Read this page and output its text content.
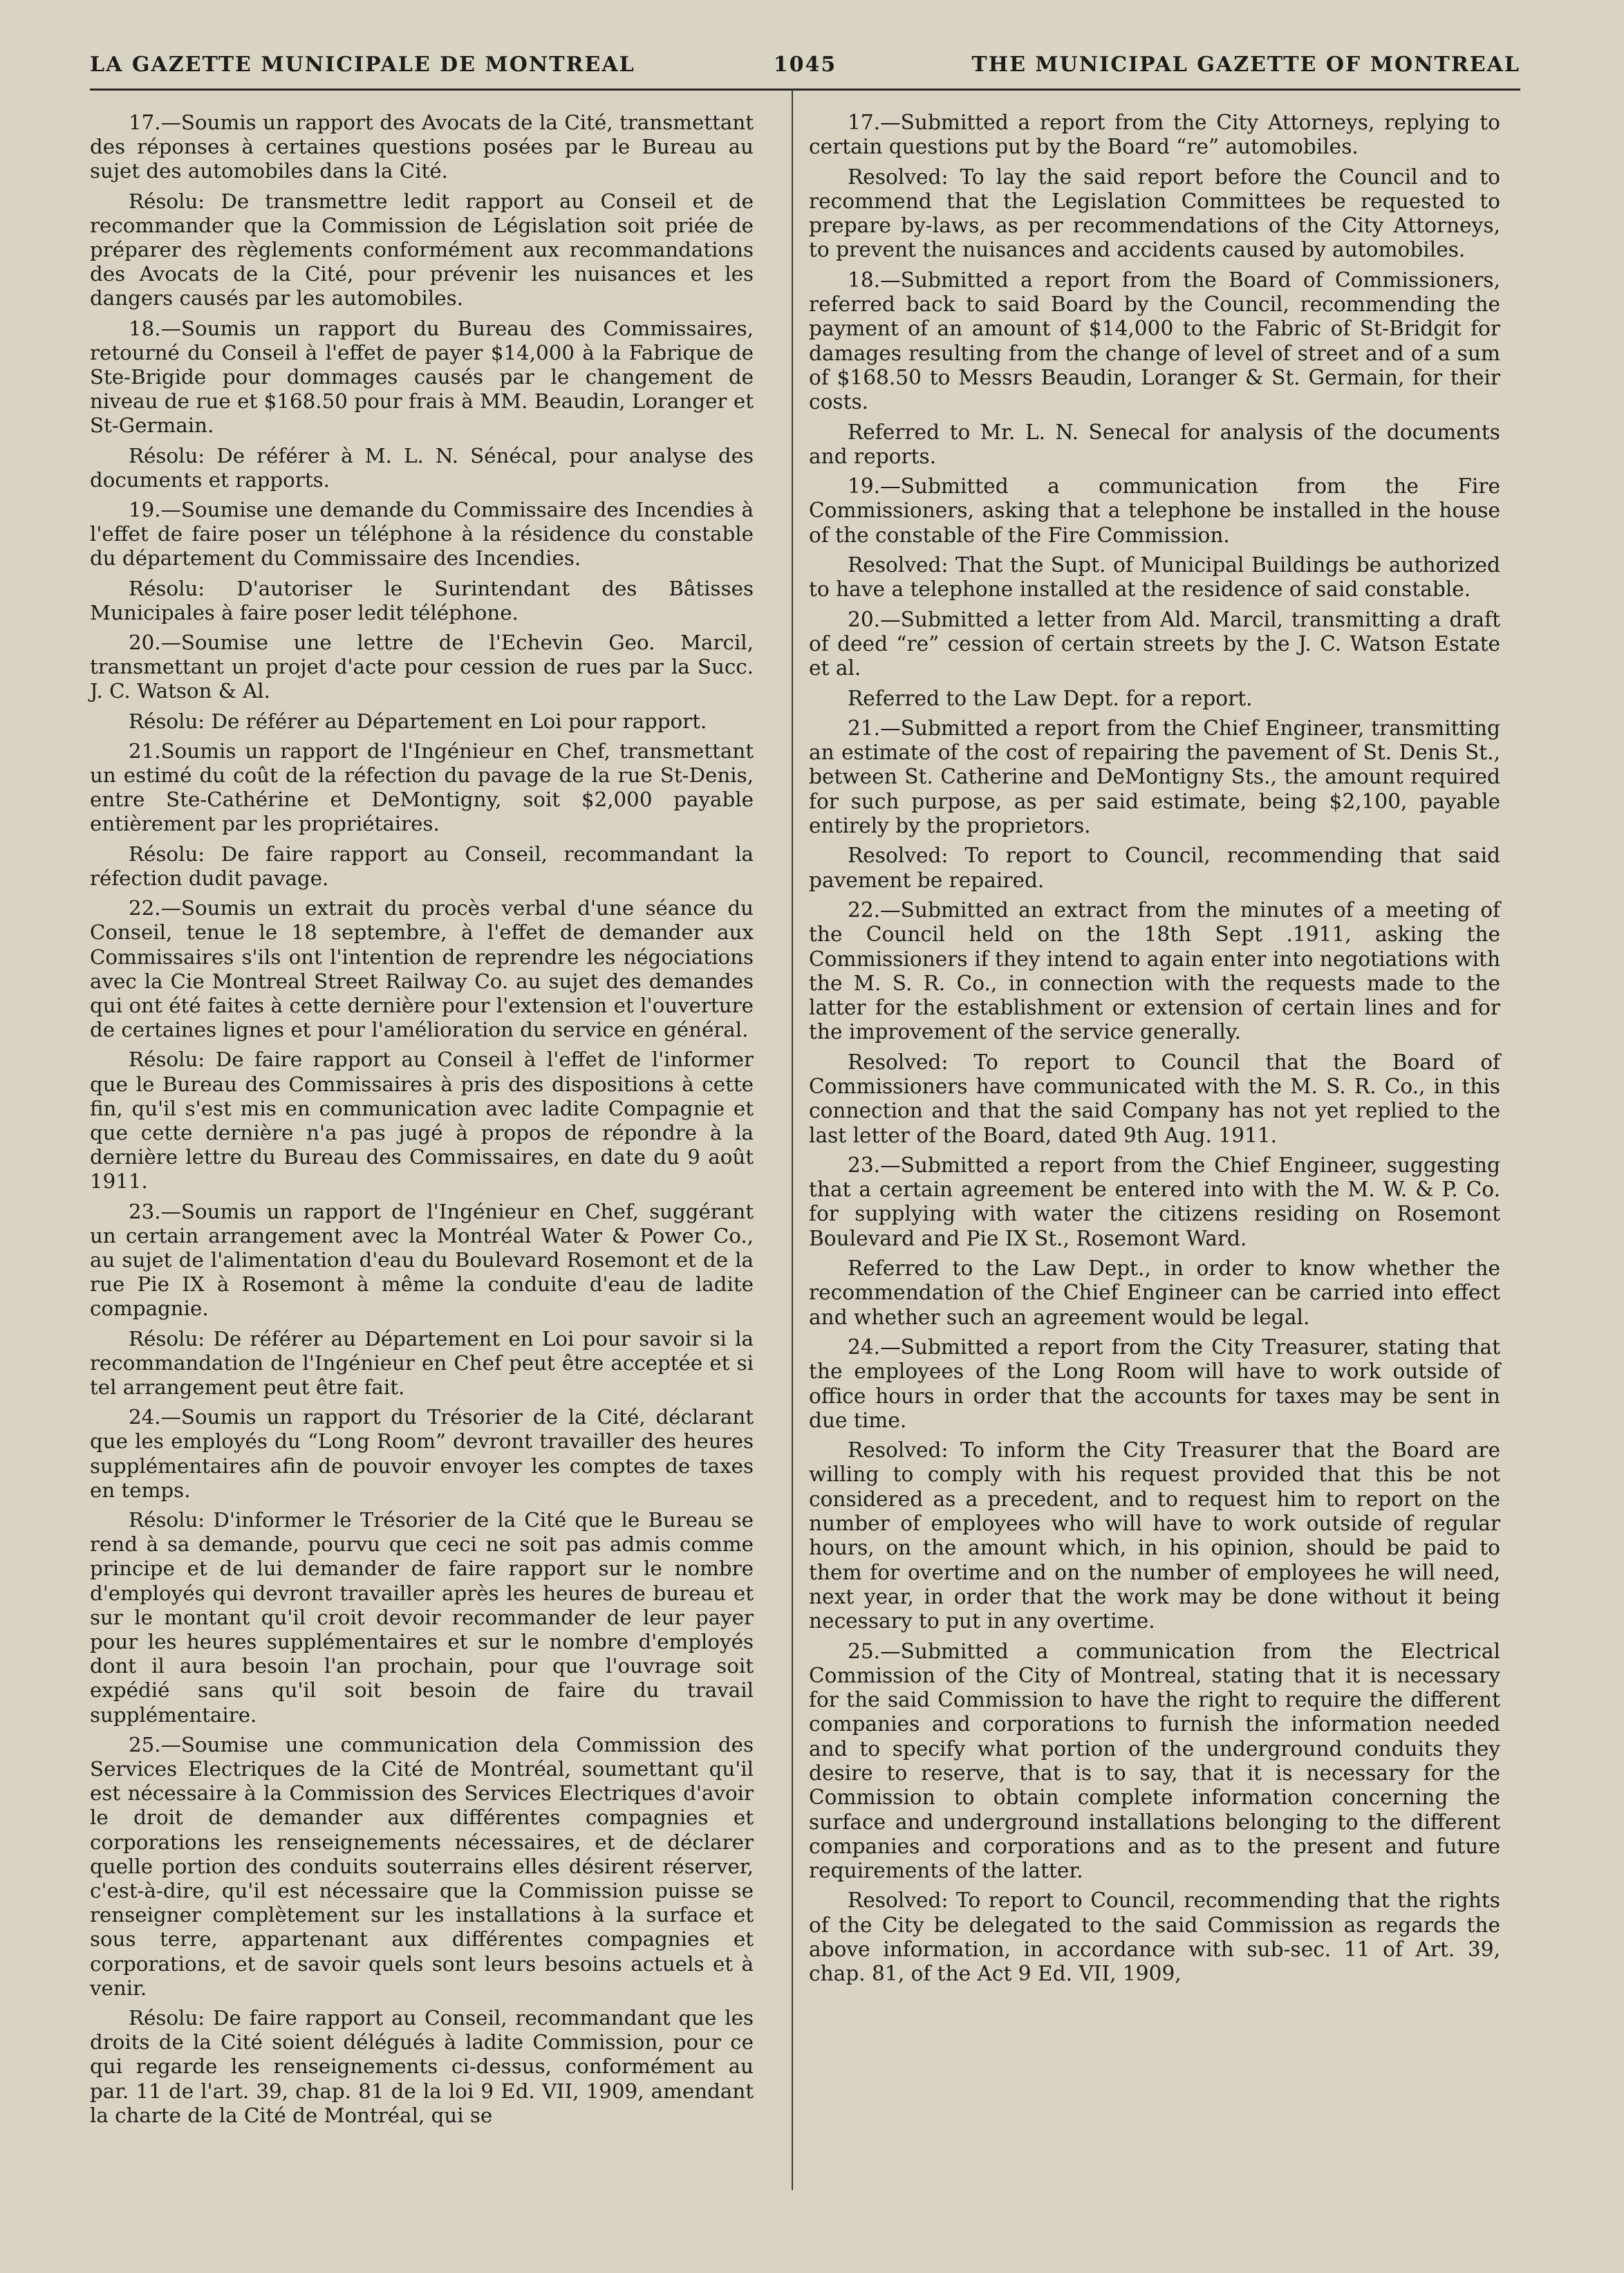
LA GAZETTE MUNICIPALE DE MONTREAL	1045	THE MUNICIPAL GAZETTE OF MONTREAL

17.—Soumis un rapport des Avocats de la Cité, transmettant des réponses à certaines questions posées par le Bureau au sujet des automobiles dans la Cité.

Résolu: De transmettre ledit rapport au Conseil et de recommander que la Commission de Législation soit priée de préparer des règlements conformément aux recommandations des Avocats de la Cité, pour prévenir les nuisances et les dangers causés par les automobiles.

18.—Soumis un rapport du Bureau des Commissaires, retourné du Conseil à l'effet de payer $14,000 à la Fabrique de Ste-Brigide pour dommages causés par le changement de niveau de rue et $168.50 pour frais à MM. Beaudin, Loranger et St-Germain.

Résolu: De référer à M. L. N. Sénécal, pour analyse des documents et rapports.

19.—Soumise une demande du Commissaire des Incendies à l'effet de faire poser un téléphone à la résidence du constable du département du Commissaire des Incendies.

Résolu: D'autoriser le Surintendant des Bâtisses Municipales à faire poser ledit téléphone.

20.—Soumise une lettre de l'Echevin Geo. Marcil, transmettant un projet d'acte pour cession de rues par la Succ. J. C. Watson & Al.

Résolu: De référer au Département en Loi pour rapport.

21.Soumis un rapport de l'Ingénieur en Chef, transmettant un estimé du coût de la réfection du pavage de la rue St-Denis, entre Ste-Cathérine et DeMontigny, soit $2,000 payable entièrement par les propriétaires.

Résolu: De faire rapport au Conseil, recommandant la réfection dudit pavage.

22.—Soumis un extrait du procès verbal d'une séance du Conseil, tenue le 18 septembre, à l'effet de demander aux Commissaires s'ils ont l'intention de reprendre les négociations avec la Cie Montreal Street Railway Co. au sujet des demandes qui ont été faites à cette dernière pour l'extension et l'ouverture de certaines lignes et pour l'amélioration du service en général.

Résolu: De faire rapport au Conseil à l'effet de l'informer que le Bureau des Commissaires à pris des dispositions à cette fin, qu'il s'est mis en communication avec ladite Compagnie et que cette dernière n'a pas jugé à propos de répondre à la dernière lettre du Bureau des Commissaires, en date du 9 août 1911.

23.—Soumis un rapport de l'Ingénieur en Chef, suggérant un certain arrangement avec la Montréal Water & Power Co., au sujet de l'alimentation d'eau du Boulevard Rosemont et de la rue Pie IX à Rosemont à même la conduite d'eau de ladite compagnie.

Résolu: De référer au Département en Loi pour savoir si la recommandation de l'Ingénieur en Chef peut être acceptée et si tel arrangement peut être fait.

24.—Soumis un rapport du Trésorier de la Cité, déclarant que les employés du “Long Room” devront travailler des heures supplémentaires afin de pouvoir envoyer les comptes de taxes en temps.

Résolu: D'informer le Trésorier de la Cité que le Bureau se rend à sa demande, pourvu que ceci ne soit pas admis comme principe et de lui demander de faire rapport sur le nombre d'employés qui devront travailler après les heures de bureau et sur le montant qu'il croit devoir recommander de leur payer pour les heures supplémentaires et sur le nombre d'employés dont il aura besoin l'an prochain, pour que l'ouvrage soit expédié sans qu'il soit besoin de faire du travail supplémentaire.

25.—Soumise une communication dela Commission des Services Electriques de la Cité de Montréal, soumettant qu'il est nécessaire à la Commission des Services Electriques d'avoir le droit de demander aux différentes compagnies et corporations les renseignements nécessaires, et de déclarer quelle portion des conduits souterrains elles désirent réserver, c'est-à-dire, qu'il est nécessaire que la Commission puisse se renseigner complètement sur les installations à la surface et sous terre, appartenant aux différentes compagnies et corporations, et de savoir quels sont leurs besoins actuels et à venir.

Résolu: De faire rapport au Conseil, recommandant que les droits de la Cité soient délégués à ladite Commission, pour ce qui regarde les renseignements ci-dessus, conformément au par. 11 de l'art. 39, chap. 81 de la loi 9 Ed. VII, 1909, amendant la charte de la Cité de Montréal, qui se

17.—Submitted a report from the City Attorneys, replying to certain questions put by the Board “re” automobiles.

Resolved: To lay the said report before the Council and to recommend that the Legislation Committees be requested to prepare by-laws, as per recommendations of the City Attorneys, to prevent the nuisances and accidents caused by automobiles.

18.—Submitted a report from the Board of Commissioners, referred back to said Board by the Council, recommending the payment of an amount of $14,000 to the Fabric of St-Bridgit for damages resulting from the change of level of street and of a sum of $168.50 to Messrs Beaudin, Loranger & St. Germain, for their costs.

Referred to Mr. L. N. Senecal for analysis of the documents and reports.

19.—Submitted a communication from the Fire Commissioners, asking that a telephone be installed in the house of the constable of the Fire Commission.

Resolved: That the Supt. of Municipal Buildings be authorized to have a telephone installed at the residence of said constable.

20.—Submitted a letter from Ald. Marcil, transmitting a draft of deed “re” cession of certain streets by the J. C. Watson Estate et al.

Referred to the Law Dept. for a report.

21.—Submitted a report from the Chief Engineer, transmitting an estimate of the cost of repairing the pavement of St. Denis St., between St. Catherine and DeMontigny Sts., the amount required for such purpose, as per said estimate, being $2,100, payable entirely by the proprietors.

Resolved: To report to Council, recommending that said pavement be repaired.

22.—Submitted an extract from the minutes of a meeting of the Council held on the 18th Sept .1911, asking the Commissioners if they intend to again enter into negotiations with the M. S. R. Co., in connection with the requests made to the latter for the establishment or extension of certain lines and for the improvement of the service generally.

Resolved: To report to Council that the Board of Commissioners have communicated with the M. S. R. Co., in this connection and that the said Company has not yet replied to the last letter of the Board, dated 9th Aug. 1911.

23.—Submitted a report from the Chief Engineer, suggesting that a certain agreement be entered into with the M. W. & P. Co. for supplying with water the citizens residing on Rosemont Boulevard and Pie IX St., Rosemont Ward.

Referred to the Law Dept., in order to know whether the recommendation of the Chief Engineer can be carried into effect and whether such an agreement would be legal.

24.—Submitted a report from the City Treasurer, stating that the employees of the Long Room will have to work outside of office hours in order that the accounts for taxes may be sent in due time.

Resolved: To inform the City Treasurer that the Board are willing to comply with his request provided that this be not considered as a precedent, and to request him to report on the number of employees who will have to work outside of regular hours, on the amount which, in his opinion, should be paid to them for overtime and on the number of employees he will need, next year, in order that the work may be done without it being necessary to put in any overtime.

25.—Submitted a communication from the Electrical Commission of the City of Montreal, stating that it is necessary for the said Commission to have the right to require the different companies and corporations to furnish the information needed and to specify what portion of the underground conduits they desire to reserve, that is to say, that it is necessary for the Commission to obtain complete information concerning the surface and underground installations belonging to the different companies and corporations and as to the present and future requirements of the latter.

Resolved: To report to Council, recommending that the rights of the City be delegated to the said Commission as regards the above information, in accordance with sub-sec. 11 of Art. 39, chap. 81, of the Act 9 Ed. VII, 1909,
